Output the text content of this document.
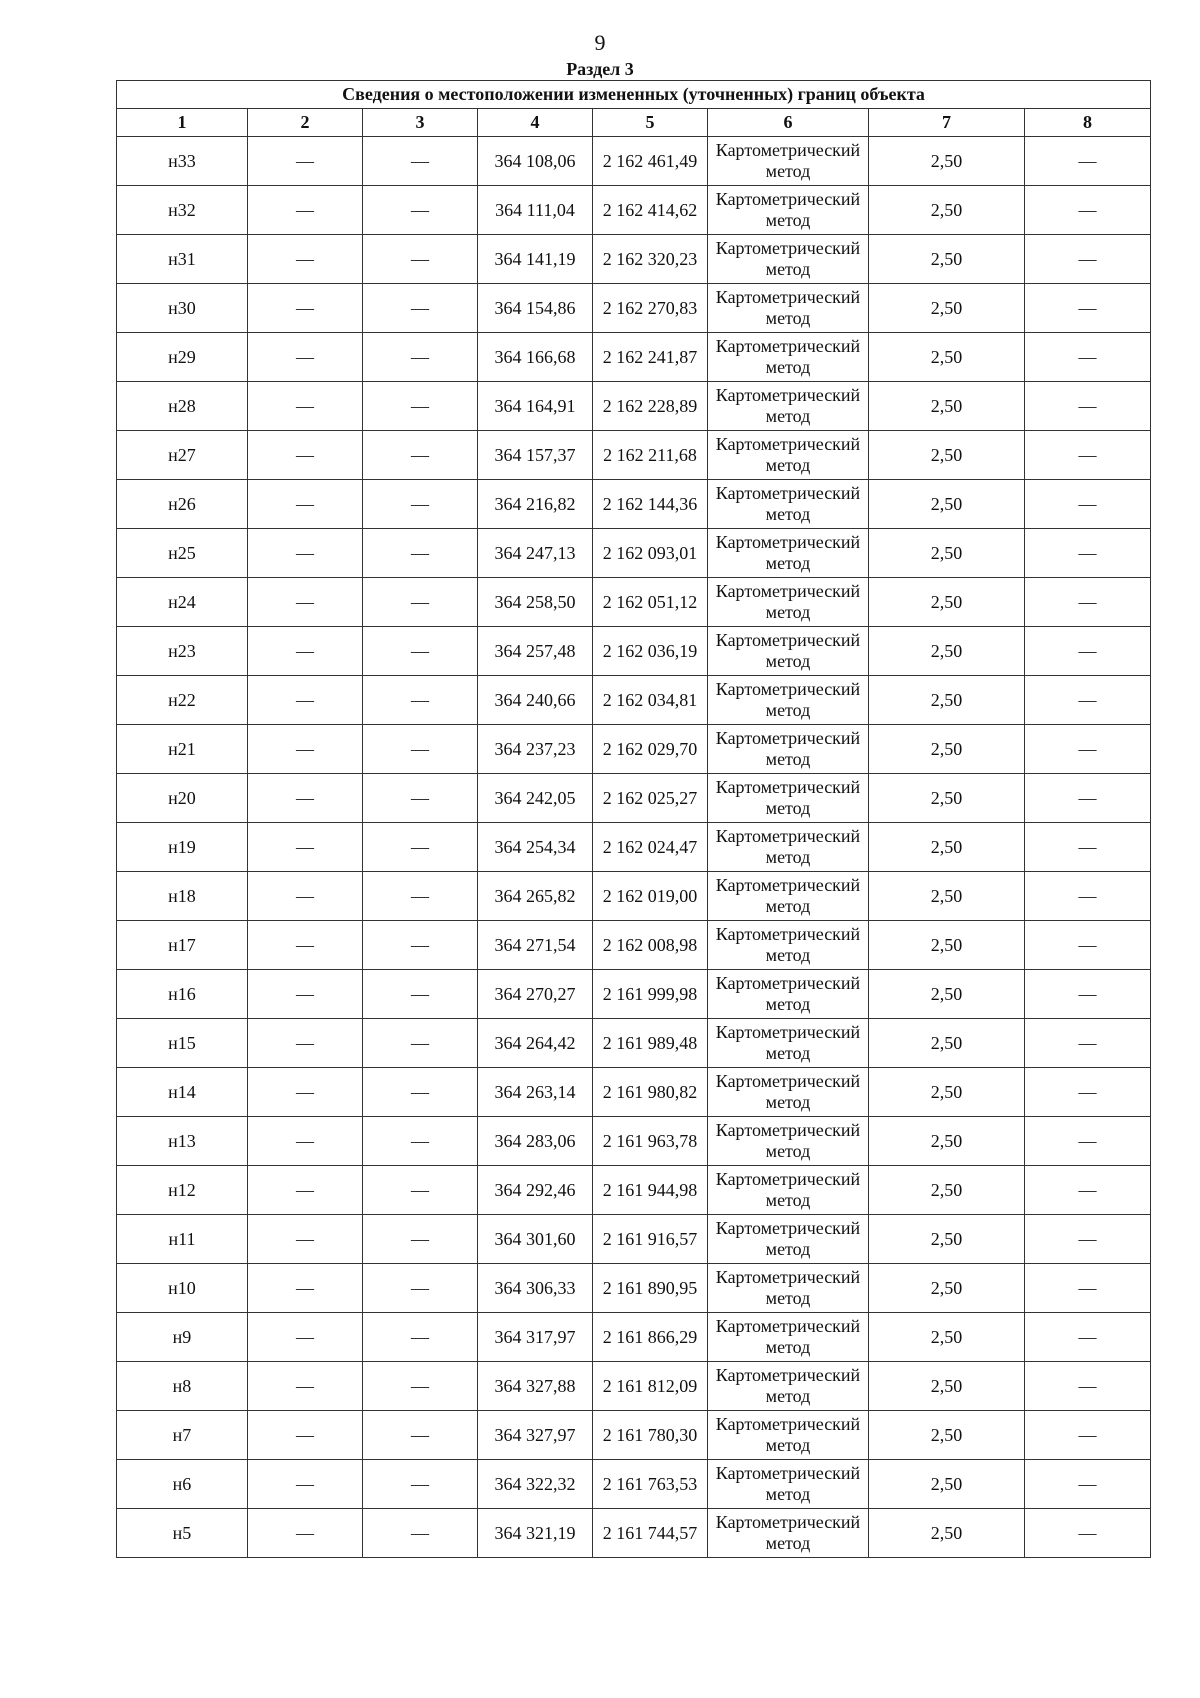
9
Раздел 3
Сведения о местоположении измененных (уточненных) границ объекта							
1	2	3	4	5	6	7	8
н33	—	—	364 108,06	2 162 461,49	Картометрический метод	2,50	—
н32	—	—	364 111,04	2 162 414,62	Картометрический метод	2,50	—
н31	—	—	364 141,19	2 162 320,23	Картометрический метод	2,50	—
н30	—	—	364 154,86	2 162 270,83	Картометрический метод	2,50	—
н29	—	—	364 166,68	2 162 241,87	Картометрический метод	2,50	—
н28	—	—	364 164,91	2 162 228,89	Картометрический метод	2,50	—
н27	—	—	364 157,37	2 162 211,68	Картометрический метод	2,50	—
н26	—	—	364 216,82	2 162 144,36	Картометрический метод	2,50	—
н25	—	—	364 247,13	2 162 093,01	Картометрический метод	2,50	—
н24	—	—	364 258,50	2 162 051,12	Картометрический метод	2,50	—
н23	—	—	364 257,48	2 162 036,19	Картометрический метод	2,50	—
н22	—	—	364 240,66	2 162 034,81	Картометрический метод	2,50	—
н21	—	—	364 237,23	2 162 029,70	Картометрический метод	2,50	—
н20	—	—	364 242,05	2 162 025,27	Картометрический метод	2,50	—
н19	—	—	364 254,34	2 162 024,47	Картометрический метод	2,50	—
н18	—	—	364 265,82	2 162 019,00	Картометрический метод	2,50	—
н17	—	—	364 271,54	2 162 008,98	Картометрический метод	2,50	—
н16	—	—	364 270,27	2 161 999,98	Картометрический метод	2,50	—
н15	—	—	364 264,42	2 161 989,48	Картометрический метод	2,50	—
н14	—	—	364 263,14	2 161 980,82	Картометрический метод	2,50	—
н13	—	—	364 283,06	2 161 963,78	Картометрический метод	2,50	—
н12	—	—	364 292,46	2 161 944,98	Картометрический метод	2,50	—
н11	—	—	364 301,60	2 161 916,57	Картометрический метод	2,50	—
н10	—	—	364 306,33	2 161 890,95	Картометрический метод	2,50	—
н9	—	—	364 317,97	2 161 866,29	Картометрический метод	2,50	—
н8	—	—	364 327,88	2 161 812,09	Картометрический метод	2,50	—
н7	—	—	364 327,97	2 161 780,30	Картометрический метод	2,50	—
н6	—	—	364 322,32	2 161 763,53	Картометрический метод	2,50	—
н5	—	—	364 321,19	2 161 744,57	Картометрический метод	2,50	—
